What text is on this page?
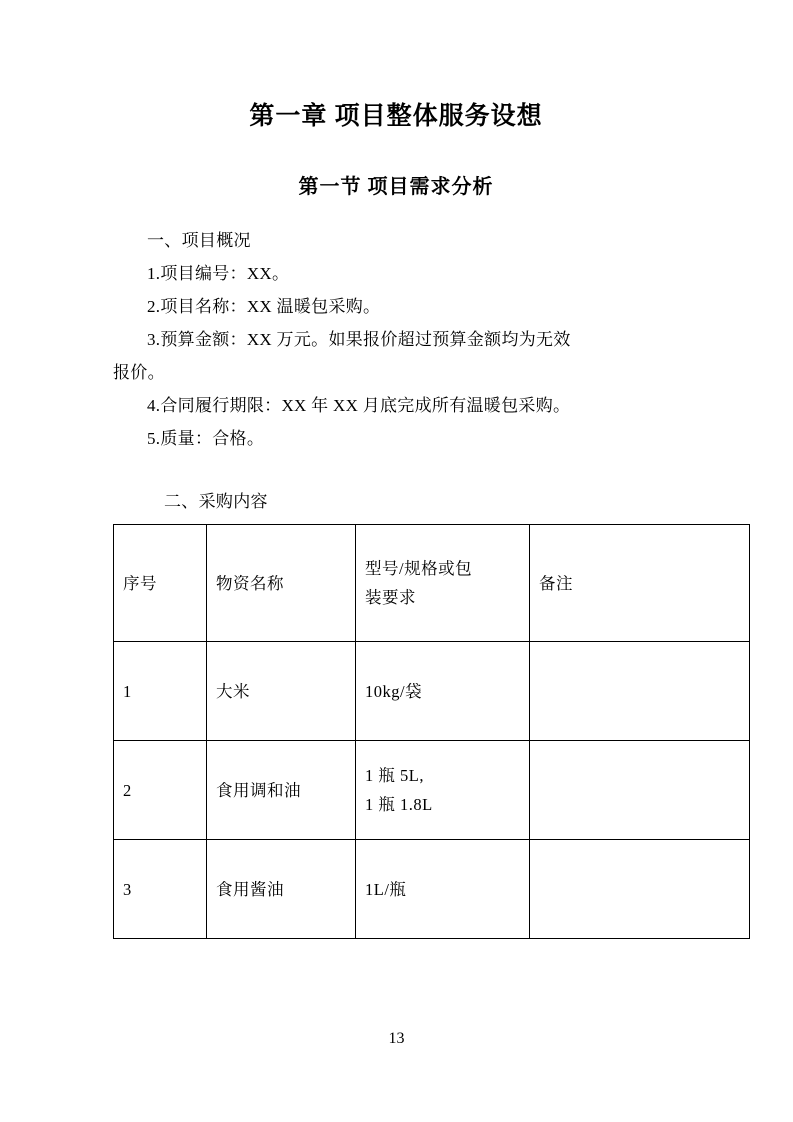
第一章 项目整体服务设想
第一节 项目需求分析

一、项目概况

1.项目编号：XX。

2.项目名称：XX 温暖包采购。

3.预算金额：XX 万元。如果报价超过预算金额均为无效

报价。

4.合同履行期限：XX 年 XX 月底完成所有温暖包采购。

5.质量：合格。

二、采购内容

序号	物资名称	型号/规格或包
装要求	备注
1	大米	10kg/袋	

2	食用调和油	1 瓶 5L,
1 瓶 1.8L	

3	食用酱油	1L/瓶	

13
